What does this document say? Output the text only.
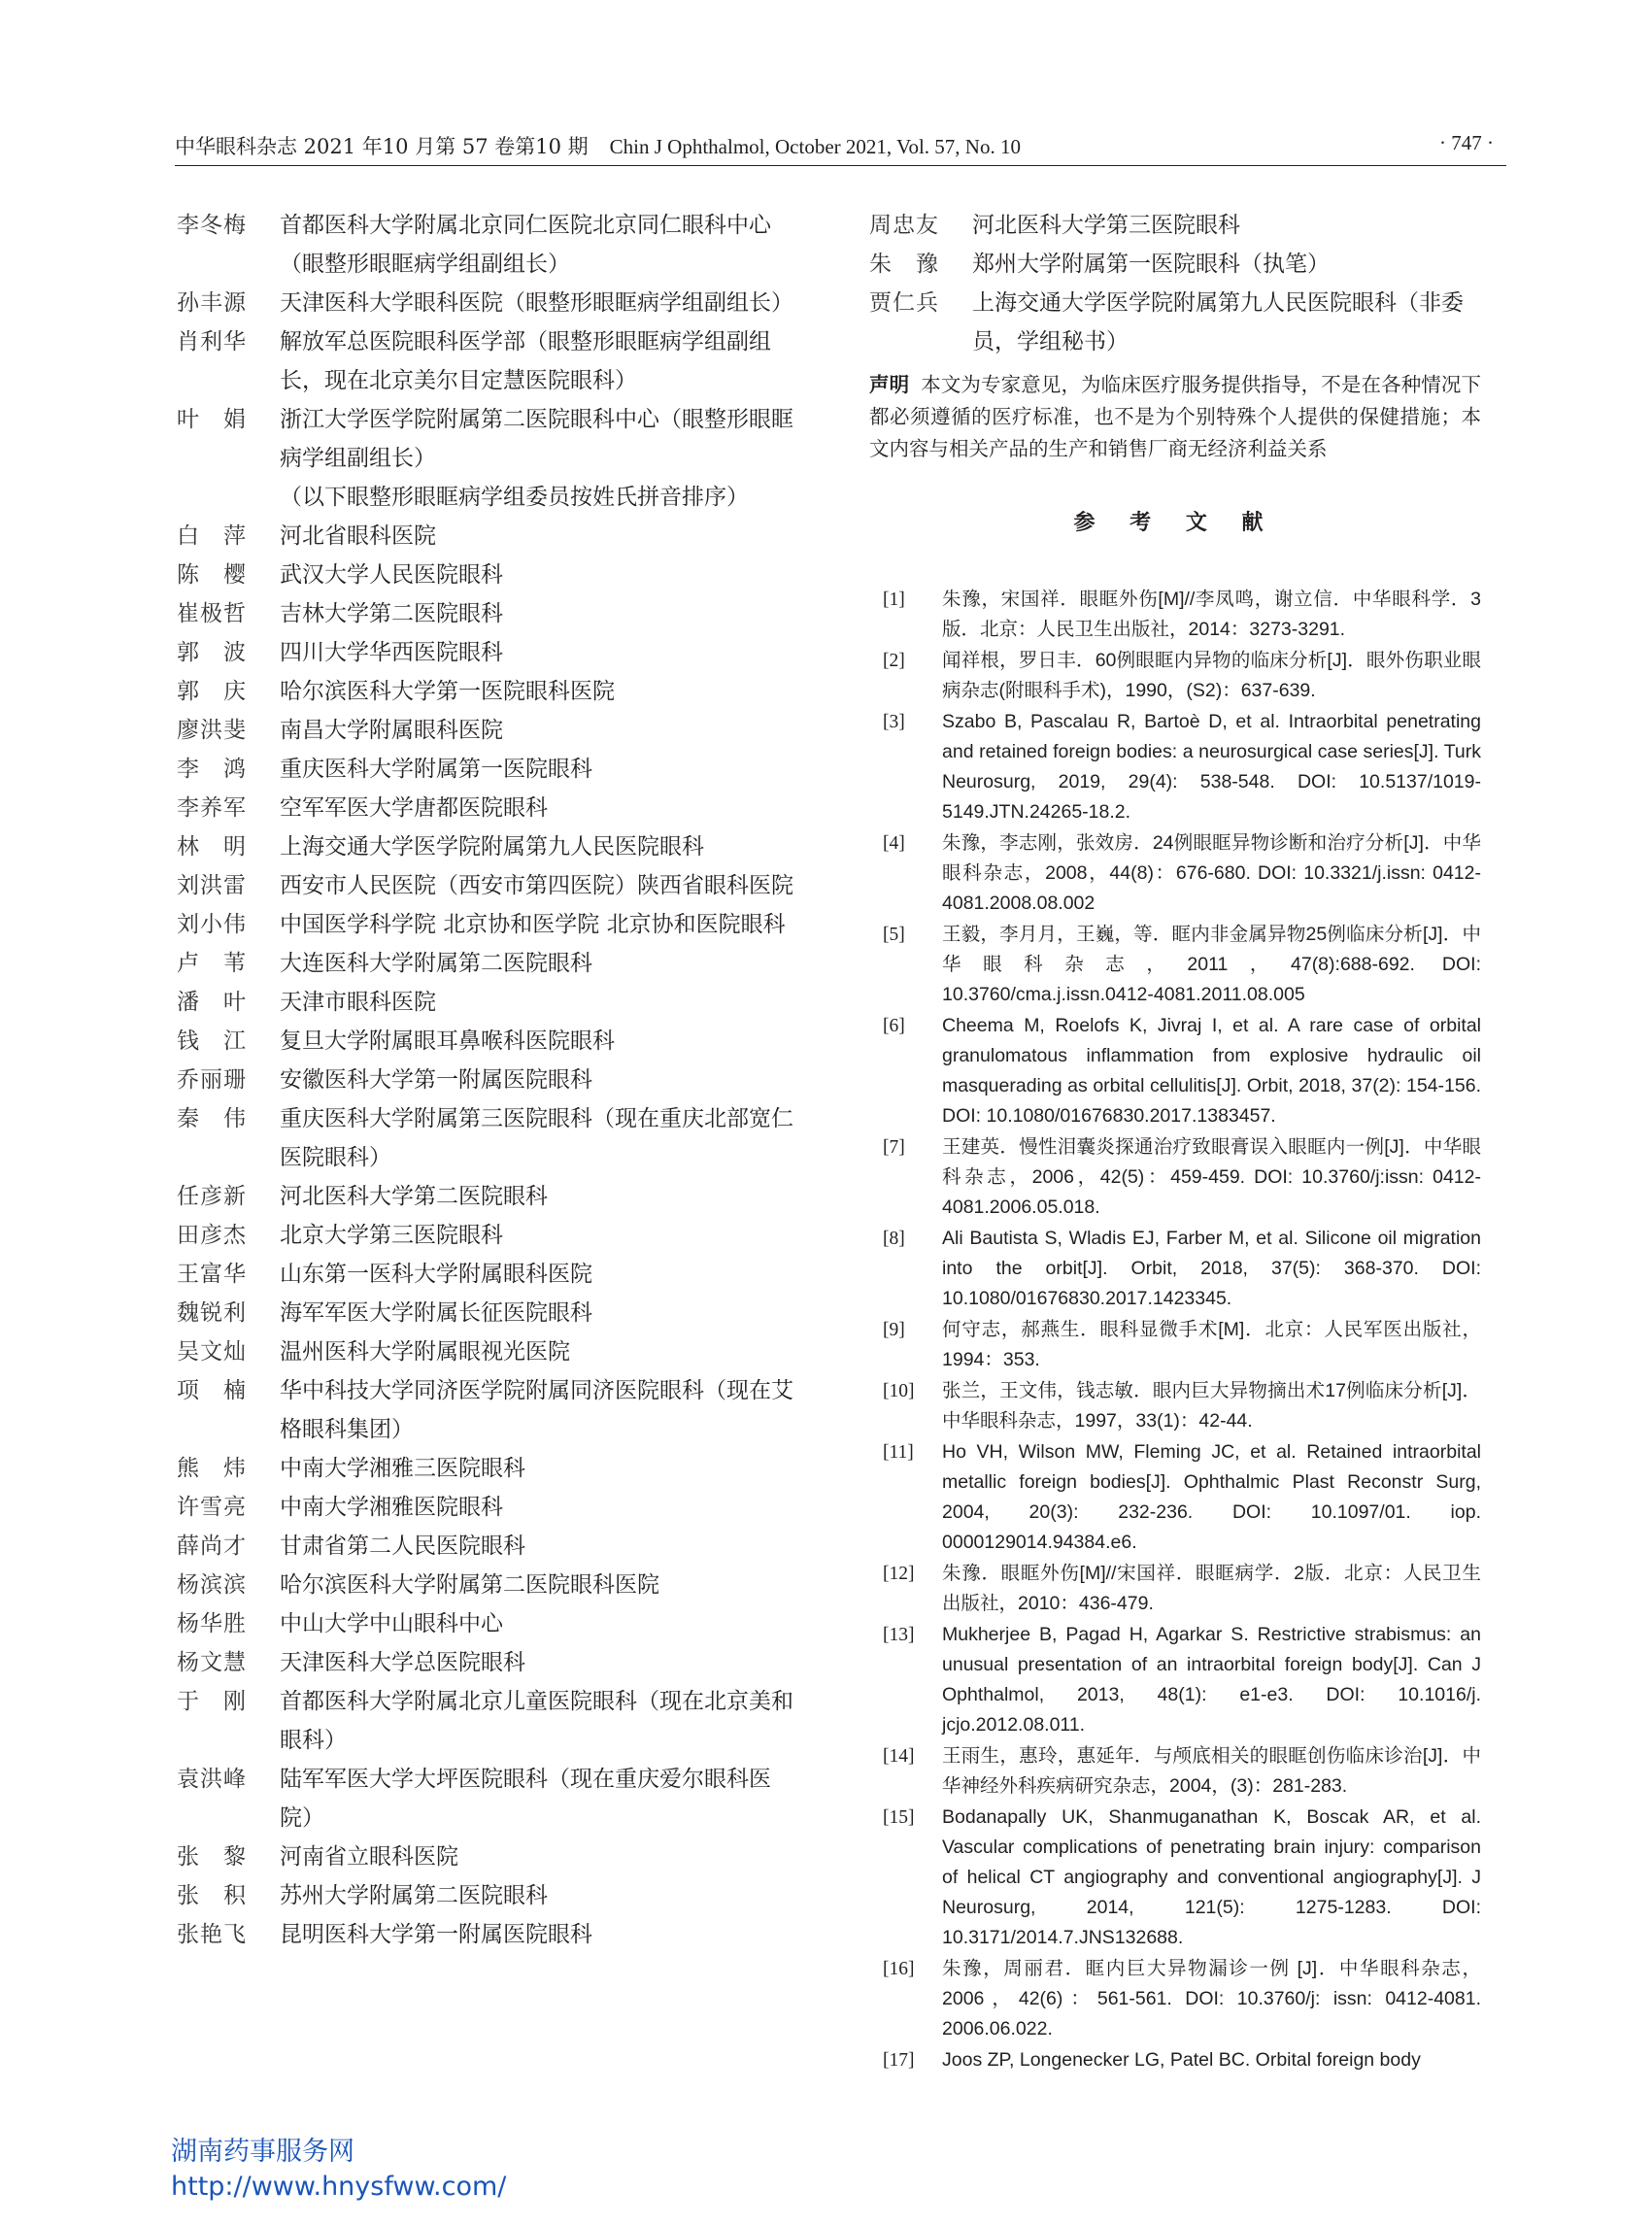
中华眼科杂志 2021 年10 月第 57 卷第10 期 Chin J Ophthalmol, October 2021, Vol. 57, No. 10	· 747 ·
李冬梅	首都医科大学附属北京同仁医院北京同仁眼科中心（眼整形眼眶病学组副组长）
孙丰源	天津医科大学眼科医院（眼整形眼眶病学组副组长）
肖利华	解放军总医院眼科医学部（眼整形眼眶病学组副组长，现在北京美尔目定慧医院眼科）
叶　娟	浙江大学医学院附属第二医院眼科中心（眼整形眼眶病学组副组长）
（以下眼整形眼眶病学组委员按姓氏拼音排序）
白　萍	河北省眼科医院
陈　樱	武汉大学人民医院眼科
崔极哲	吉林大学第二医院眼科
郭　波	四川大学华西医院眼科
郭　庆	哈尔滨医科大学第一医院眼科医院
廖洪斐	南昌大学附属眼科医院
李　鸿	重庆医科大学附属第一医院眼科
李养军	空军军医大学唐都医院眼科
林　明	上海交通大学医学院附属第九人民医院眼科
刘洪雷	西安市人民医院（西安市第四医院）陕西省眼科医院
刘小伟	中国医学科学院 北京协和医学院 北京协和医院眼科
卢　苇	大连医科大学附属第二医院眼科
潘　叶	天津市眼科医院
钱　江	复旦大学附属眼耳鼻喉科医院眼科
乔丽珊	安徽医科大学第一附属医院眼科
秦　伟	重庆医科大学附属第三医院眼科（现在重庆北部宽仁医院眼科）
任彦新	河北医科大学第二医院眼科
田彦杰	北京大学第三医院眼科
王富华	山东第一医科大学附属眼科医院
魏锐利	海军军医大学附属长征医院眼科
吴文灿	温州医科大学附属眼视光医院
项　楠	华中科技大学同济医学院附属同济医院眼科（现在艾格眼科集团）
熊　炜	中南大学湘雅三医院眼科
许雪亮	中南大学湘雅医院眼科
薛尚才	甘肃省第二人民医院眼科
杨滨滨	哈尔滨医科大学附属第二医院眼科医院
杨华胜	中山大学中山眼科中心
杨文慧	天津医科大学总医院眼科
于　刚	首都医科大学附属北京儿童医院眼科（现在北京美和眼科）
袁洪峰	陆军军医大学大坪医院眼科（现在重庆爱尔眼科医院）
张　黎	河南省立眼科医院
张　积	苏州大学附属第二医院眼科
张艳飞	昆明医科大学第一附属医院眼科
周忠友	河北医科大学第三医院眼科
朱　豫	郑州大学附属第一医院眼科（执笔）
贾仁兵	上海交通大学医学院附属第九人民医院眼科（非委员，学组秘书）
声明 本文为专家意见，为临床医疗服务提供指导，不是在各种情况下都必须遵循的医疗标准，也不是为个别特殊个人提供的保健措施；本文内容与相关产品的生产和销售厂商无经济利益关系
参 考 文 献
[1]	朱豫，宋国祥．眼眶外伤[M]//李凤鸣，谢立信．中华眼科学．3版．北京：人民卫生出版社，2014：3273-3291.
[2]	闻祥根，罗日丰．60例眼眶内异物的临床分析[J]．眼外伤职业眼病杂志(附眼科手术)，1990，(S2)：637-639.
[3]	Szabo B, Pascalau R, Bartoè D, et al. Intraorbital penetrating and retained foreign bodies: a neurosurgical case series[J]. Turk Neurosurg, 2019, 29(4): 538-548. DOI: 10.5137/1019-5149.JTN.24265-18.2.
[4]	朱豫，李志刚，张效房．24例眼眶异物诊断和治疗分析[J]．中华眼科杂志，2008，44(8)：676-680. DOI: 10.3321/j.issn: 0412-4081.2008.08.002
[5]	王毅，李月月，王巍，等．眶内非金属异物25例临床分析[J]．中华眼科杂志，2011，47(8):688-692. DOI: 10.3760/cma.j.issn.0412-4081.2011.08.005
[6]	Cheema M, Roelofs K, Jivraj I, et al. A rare case of orbital granulomatous inflammation from explosive hydraulic oil masquerading as orbital cellulitis[J]. Orbit, 2018, 37(2): 154-156. DOI: 10.1080/01676830.2017.1383457.
[7]	王建英．慢性泪囊炎探通治疗致眼膏误入眼眶内一例[J]．中华眼科杂志，2006，42(5)：459-459. DOI: 10.3760/j:issn: 0412-4081.2006.05.018.
[8]	Ali Bautista S, Wladis EJ, Farber M, et al. Silicone oil migration into the orbit[J]. Orbit, 2018, 37(5): 368-370. DOI: 10.1080/01676830.2017.1423345.
[9]	何守志，郝燕生．眼科显微手术[M]．北京：人民军医出版社，1994：353.
[10]	张兰，王文伟，钱志敏．眼内巨大异物摘出术17例临床分析[J]．中华眼科杂志，1997，33(1)：42-44.
[11]	Ho VH, Wilson MW, Fleming JC, et al. Retained intraorbital metallic foreign bodies[J]. Ophthalmic Plast Reconstr Surg, 2004, 20(3): 232-236. DOI: 10.1097/01. iop. 0000129014.94384.e6.
[12]	朱豫．眼眶外伤[M]//宋国祥．眼眶病学．2版．北京：人民卫生出版社，2010：436-479.
[13]	Mukherjee B, Pagad H, Agarkar S. Restrictive strabismus: an unusual presentation of an intraorbital foreign body[J]. Can J Ophthalmol, 2013, 48(1): e1-e3. DOI: 10.1016/j. jcjo.2012.08.011.
[14]	王雨生，惠玲，惠延年．与颅底相关的眼眶创伤临床诊治[J]．中华神经外科疾病研究杂志，2004，(3)：281-283.
[15]	Bodanapally UK, Shanmuganathan K, Boscak AR, et al. Vascular complications of penetrating brain injury: comparison of helical CT angiography and conventional angiography[J]. J Neurosurg, 2014, 121(5): 1275-1283. DOI: 10.3171/2014.7.JNS132688.
[16]	朱豫，周丽君．眶内巨大异物漏诊一例 [J]．中华眼科杂志，2006，42(6)：561-561. DOI: 10.3760/j: issn: 0412-4081. 2006.06.022.
[17]	Joos ZP, Longenecker LG, Patel BC. Orbital foreign body
湖南药事服务网
http://www.hnysfww.com/
